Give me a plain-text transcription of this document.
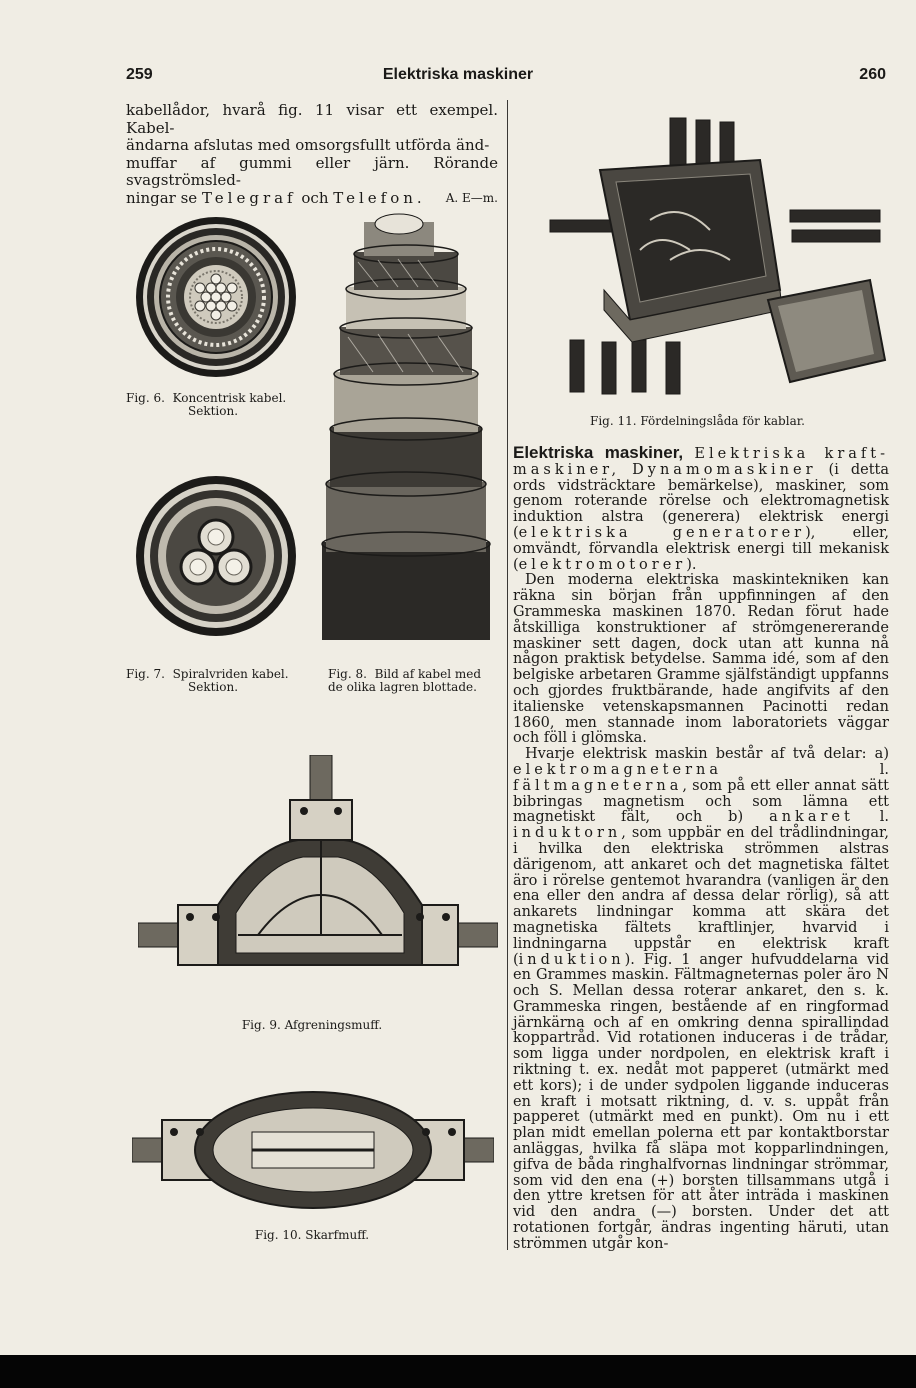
259	Elektriska maskiner	260
kabellådor, hvarå fig. 11 visar ett exempel. Kabel-
ändarna afslutas med omsorgsfullt utförda änd-
muffar af gummi eller järn. Rörande svagströmsled-
ningar se Telegraf och Telefon. A. E—m.
Fig. 6. Koncentrisk kabel.
Sektion.
Fig. 7. Spiralvriden kabel.
Sektion.
Fig. 8. Bild af kabel med
de olika lagren blottade.
Fig. 9. Afgreningsmuff.
Fig. 10. Skarfmuff.
Fig. 11. Fördelningslåda för kablar.

Elektriska maskiner, Elektriska kraft-maskiner, Dynamomaskiner (i detta ords vidsträcktare bemärkelse), maskiner, som genom roterande rörelse och elektromagnetisk induktion alstra (generera) elektrisk energi (elektriska generatorer), eller, omvändt, förvandla elektrisk energi till mekanisk (elektromotorer).

Den moderna elektriska maskintekniken kan räkna sin början från uppfinningen af den Grammeska maskinen 1870. Redan förut hade åtskilliga konstruktioner af strömgenererande maskiner sett dagen, dock utan att kunna nå någon praktisk betydelse. Samma idé, som af den belgiske arbetaren Gramme själfständigt uppfanns och gjordes fruktbärande, hade angifvits af den italienske vetenskapsmannen Pacinotti redan 1860, men stannade inom laboratoriets väggar och föll i glömska.

Hvarje elektrisk maskin består af två delar: a) elektromagneterna l. fältmagneterna, som på ett eller annat sätt bibringas magnetism och som lämna ett magnetiskt fält, och b) ankaret l. induktorn, som uppbär en del trådlindningar, i hvilka den elektriska strömmen alstras därigenom, att ankaret och det magnetiska fältet äro i rörelse gentemot hvarandra (vanligen är den ena eller den andra af dessa delar rörlig), så att ankarets lindningar komma att skära det magnetiska fältets kraftlinjer, hvarvid i lindningarna uppstår en elektrisk kraft (induktion). Fig. 1 anger hufvuddelarna vid en Grammes maskin. Fältmagneternas poler äro N och S. Mellan dessa roterar ankaret, den s. k. Grammeska ringen, bestående af en ringformad järnkärna och af en omkring denna spirallindad koppartråd. Vid rotationen induceras i de trådar, som ligga under nordpolen, en elektrisk kraft i riktning t. ex. nedåt mot papperet (utmärkt med ett kors); i de under sydpolen liggande induceras en kraft i motsatt riktning, d. v. s. uppåt från papperet (utmärkt med en punkt). Om nu i ett plan midt emellan polerna ett par kontaktborstar anläggas, hvilka få släpa mot kopparlindningen, gifva de båda ringhalfvornas lindningar strömmar, som vid den ena (+) borsten tillsammans utgå i den yttre kretsen för att åter inträda i maskinen vid den andra (—) borsten. Under det att rotationen fortgår, ändras ingenting häruti, utan strömmen utgår kon-
